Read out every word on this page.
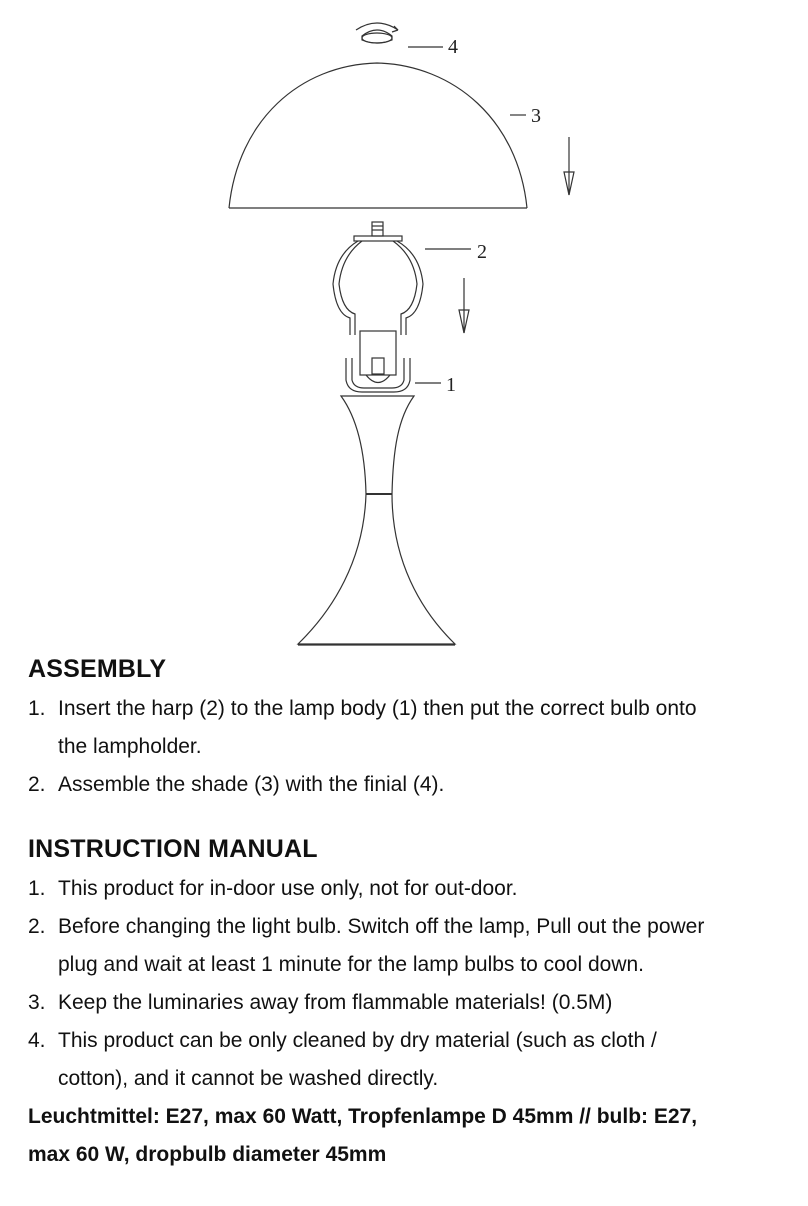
4
3
2
1
ASSEMBLY
1. Insert the harp (2) to the lamp body (1) then put the correct bulb onto
the lampholder.
2. Assemble the shade (3) with the finial (4).
INSTRUCTION MANUAL
1. This product for in-door use only, not for out-door.
2. Before changing the light bulb. Switch off the lamp, Pull out the power
plug and wait at least 1 minute for the lamp bulbs to cool down.
3. Keep the luminaries away from flammable materials! (0.5M)
4. This product can be only cleaned by dry material (such as cloth /
cotton), and it cannot be washed directly.

Leuchtmittel: E27, max 60 Watt, Tropfenlampe D 45mm // bulb: E27,

max 60 W, dropbulb diameter 45mm
